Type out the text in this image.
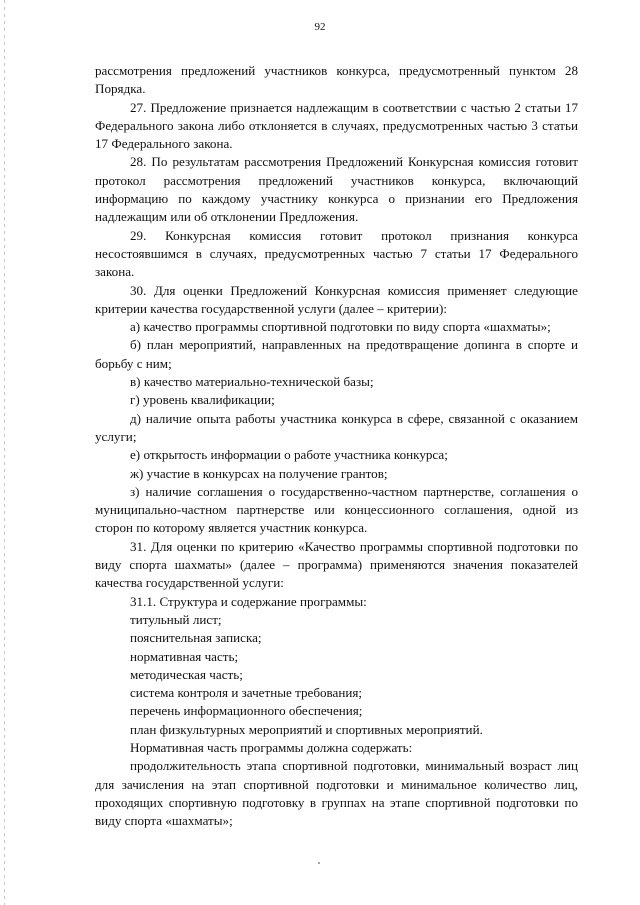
92

рассмотрения предложений участников конкурса, предусмотренный пунктом 28 Порядка.

27. Предложение признается надлежащим в соответствии с частью 2 статьи 17 Федерального закона либо отклоняется в случаях, предусмотренных частью 3 статьи 17 Федерального закона.

28. По результатам рассмотрения Предложений Конкурсная комиссия готовит протокол рассмотрения предложений участников конкурса, включающий информацию по каждому участнику конкурса о признании его Предложения надлежащим или об отклонении Предложения.

29. Конкурсная комиссия готовит протокол признания конкурса несостоявшимся в случаях, предусмотренных частью 7 статьи 17 Федерального закона.

30. Для оценки Предложений Конкурсная комиссия применяет следующие критерии качества государственной услуги (далее – критерии):

а) качество программы спортивной подготовки по виду спорта «шахматы»;

б) план мероприятий, направленных на предотвращение допинга в спорте и борьбу с ним;

в) качество материально-технической базы;

г) уровень квалификации;

д) наличие опыта работы участника конкурса в сфере, связанной с оказанием услуги;

е) открытость информации о работе участника конкурса;

ж) участие в конкурсах на получение грантов;

з) наличие соглашения о государственно-частном партнерстве, соглашения о муниципально-частном партнерстве или концессионного соглашения, одной из сторон по которому является участник конкурса.

31. Для оценки по критерию «Качество программы спортивной подготовки по виду спорта шахматы» (далее – программа) применяются значения показателей качества государственной услуги:

31.1. Структура и содержание программы:

титульный лист;

пояснительная записка;

нормативная часть;

методическая часть;

система контроля и зачетные требования;

перечень информационного обеспечения;

план физкультурных мероприятий и спортивных мероприятий.

Нормативная часть программы должна содержать:

продолжительность этапа спортивной подготовки, минимальный возраст лиц для зачисления на этап спортивной подготовки и минимальное количество лиц, проходящих спортивную подготовку в группах на этапе спортивной подготовки по виду спорта «шахматы»;
